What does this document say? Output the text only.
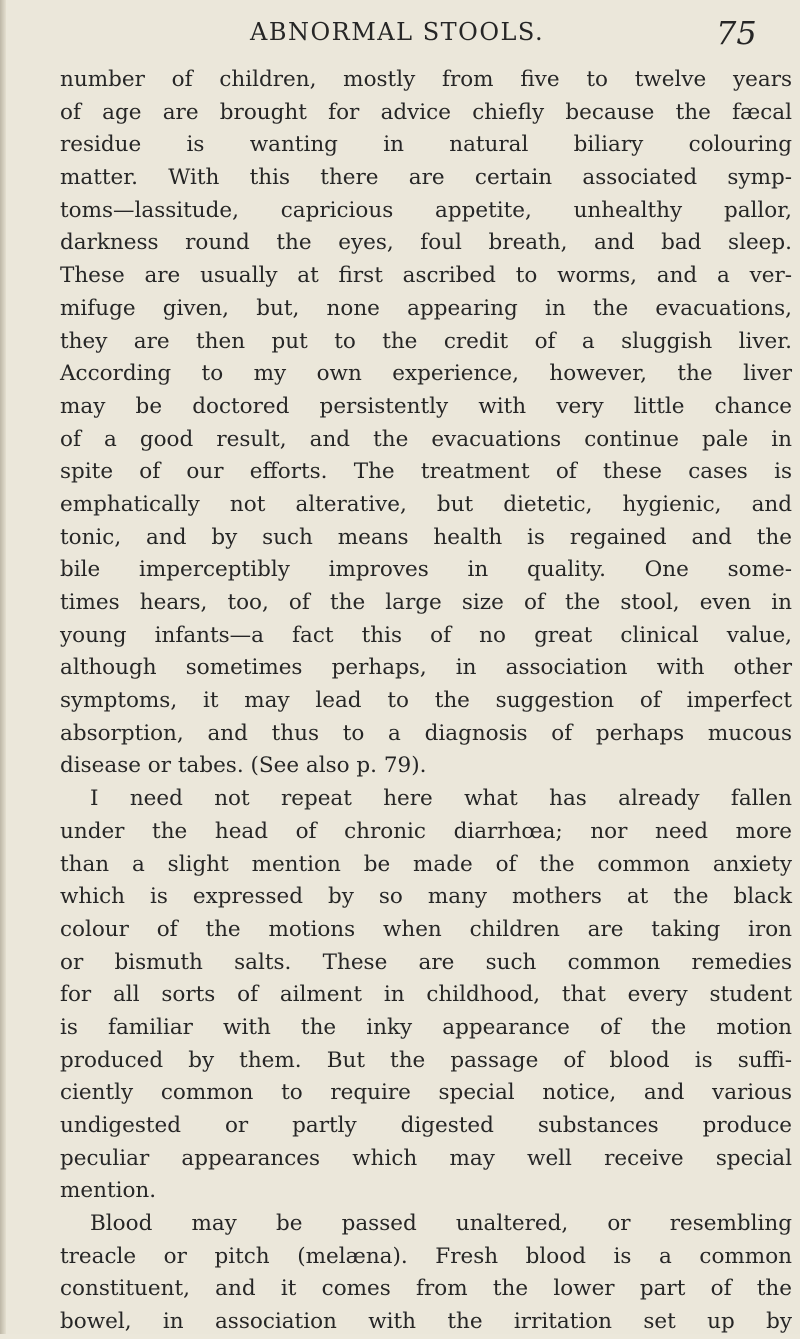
ABNORMAL STOOLS.	75
number of children, mostly from five to twelve years
of age are brought for advice chiefly because the fæcal
residue is wanting in natural biliary colouring
matter. With this there are certain associated symp-
toms—lassitude, capricious appetite, unhealthy pallor,
darkness round the eyes, foul breath, and bad sleep.
These are usually at first ascribed to worms, and a ver-
mifuge given, but, none appearing in the evacuations,
they are then put to the credit of a sluggish liver.
According to my own experience, however, the liver
may be doctored persistently with very little chance
of a good result, and the evacuations continue pale in
spite of our efforts. The treatment of these cases is
emphatically not alterative, but dietetic, hygienic, and
tonic, and by such means health is regained and the
bile imperceptibly improves in quality. One some-
times hears, too, of the large size of the stool, even in
young infants—a fact this of no great clinical value,
although sometimes perhaps, in association with other
symptoms, it may lead to the suggestion of imperfect
absorption, and thus to a diagnosis of perhaps mucous
disease or tabes. (See also p. 79).
I need not repeat here what has already fallen
under the head of chronic diarrhœa; nor need more
than a slight mention be made of the common anxiety
which is expressed by so many mothers at the black
colour of the motions when children are taking iron
or bismuth salts. These are such common remedies
for all sorts of ailment in childhood, that every student
is familiar with the inky appearance of the motion
produced by them. But the passage of blood is suffi-
ciently common to require special notice, and various
undigested or partly digested substances produce
peculiar appearances which may well receive special
mention.
Blood may be passed unaltered, or resembling
treacle or pitch (melæna). Fresh blood is a common
constituent, and it comes from the lower part of the
bowel, in association with the irritation set up by
